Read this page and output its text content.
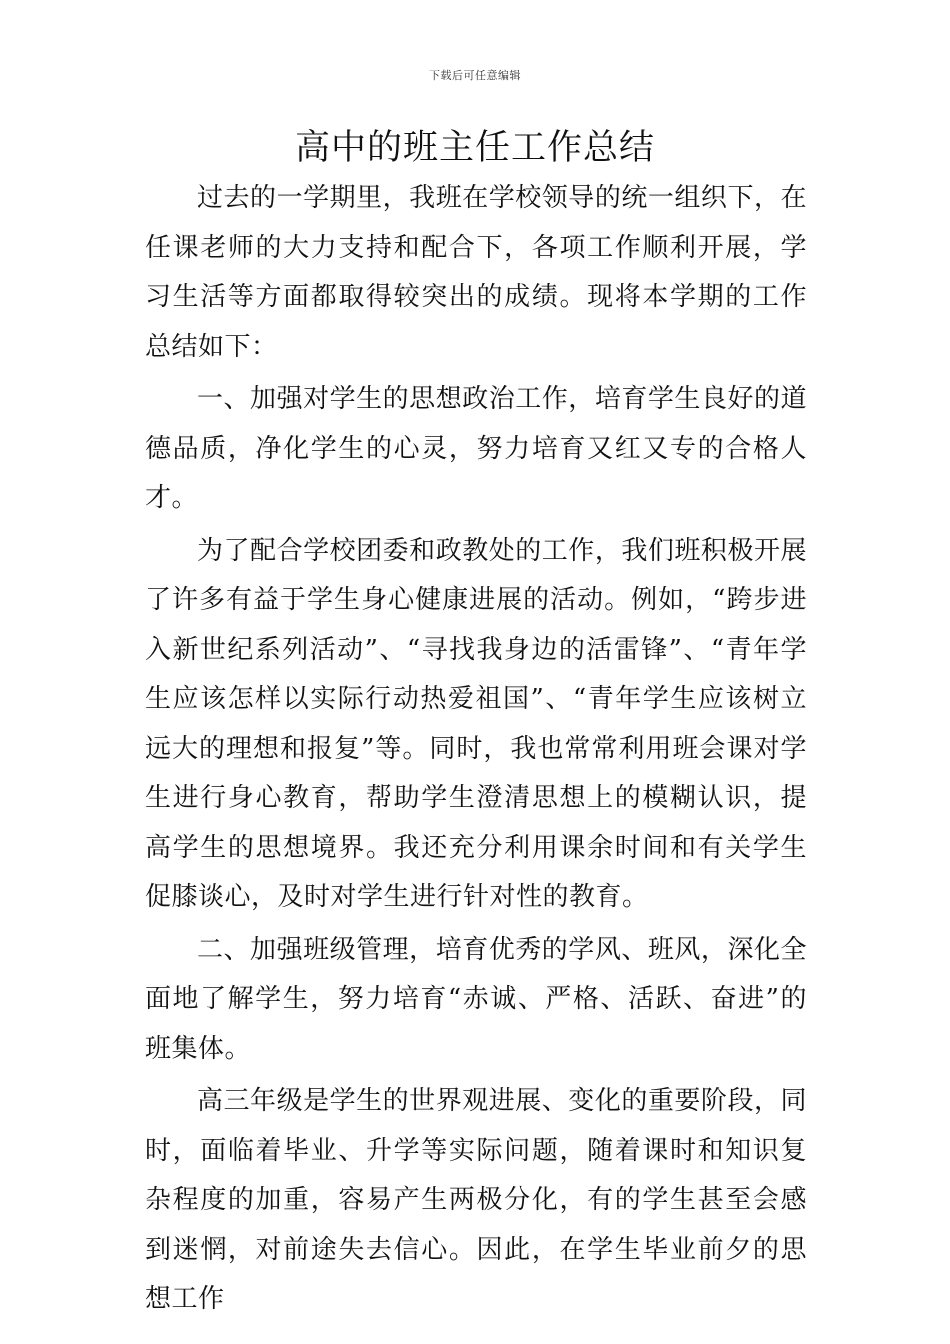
下载后可任意编辑
高中的班主任工作总结

过去的一学期里，我班在学校领导的统一组织下，在任课老师的大力支持和配合下，各项工作顺利开展，学习生活等方面都取得较突出的成绩。现将本学期的工作总结如下：

一、加强对学生的思想政治工作，培育学生良好的道德品质，净化学生的心灵，努力培育又红又专的合格人才。

为了配合学校团委和政教处的工作，我们班积极开展了许多有益于学生身心健康进展的活动。例如，“跨步进入新世纪系列活动”、“寻找我身边的活雷锋”、“青年学生应该怎样以实际行动热爱祖国”、“青年学生应该树立远大的理想和报复”等。同时，我也常常利用班会课对学生进行身心教育，帮助学生澄清思想上的模糊认识，提高学生的思想境界。我还充分利用课余时间和有关学生促膝谈心，及时对学生进行针对性的教育。

二、加强班级管理，培育优秀的学风、班风，深化全面地了解学生，努力培育“赤诚、严格、活跃、奋进”的班集体。

高三年级是学生的世界观进展、变化的重要阶段，同时，面临着毕业、升学等实际问题，随着课时和知识复杂程度的加重，容易产生两极分化，有的学生甚至会感到迷惘，对前途失去信心。因此，在学生毕业前夕的思想工作
